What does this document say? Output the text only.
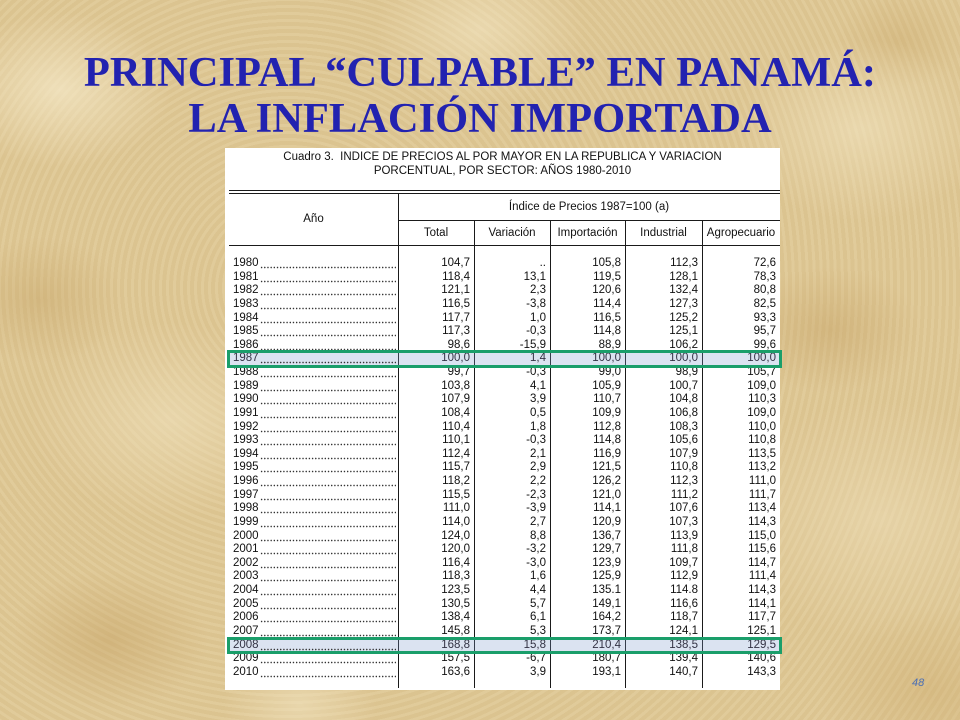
PRINCIPAL “CULPABLE” EN PANAMÁ:
LA INFLACIÓN IMPORTADA
Cuadro 3.  INDICE DE PRECIOS AL POR MAYOR EN LA REPUBLICA Y VARIACION
PORCENTUAL, POR SECTOR: AÑOS 1980-2010
Año
Índice de Precios 1987=100 (a)
Total	Variación	Importación	Industrial	Agropecuario
1980	104,7	..	105,8	112,3	72,6
1981	118,4	13,1	119,5	128,1	78,3
1982	121,1	2,3	120,6	132,4	80,8
1983	116,5	-3,8	114,4	127,3	82,5
1984	117,7	1,0	116,5	125,2	93,3
1985	117,3	-0,3	114,8	125,1	95,7
1986	98,6	-15,9	88,9	106,2	99,6
1987	100,0	1,4	100,0	100,0	100,0
1988	99,7	-0,3	99,0	98,9	105,7
1989	103,8	4,1	105,9	100,7	109,0
1990	107,9	3,9	110,7	104,8	110,3
1991	108,4	0,5	109,9	106,8	109,0
1992	110,4	1,8	112,8	108,3	110,0
1993	110,1	-0,3	114,8	105,6	110,8
1994	112,4	2,1	116,9	107,9	113,5
1995	115,7	2,9	121,5	110,8	113,2
1996	118,2	2,2	126,2	112,3	111,0
1997	115,5	-2,3	121,0	111,2	111,7
1998	111,0	-3,9	114,1	107,6	113,4
1999	114,0	2,7	120,9	107,3	114,3
2000	124,0	8,8	136,7	113,9	115,0
2001	120,0	-3,2	129,7	111,8	115,6
2002	116,4	-3,0	123,9	109,7	114,7
2003	118,3	1,6	125,9	112,9	111,4
2004	123,5	4,4	135.1	114.8	114,3
2005	130,5	5,7	149,1	116,6	114,1
2006	138,4	6,1	164,2	118,7	117,7
2007	145,8	5,3	173,7	124,1	125,1
2008	168,8	15,8	210,4	138,5	129,5
2009	157,5	-6,7	180,7	139,4	140,6
2010	163,6	3,9	193,1	140,7	143,3
48
